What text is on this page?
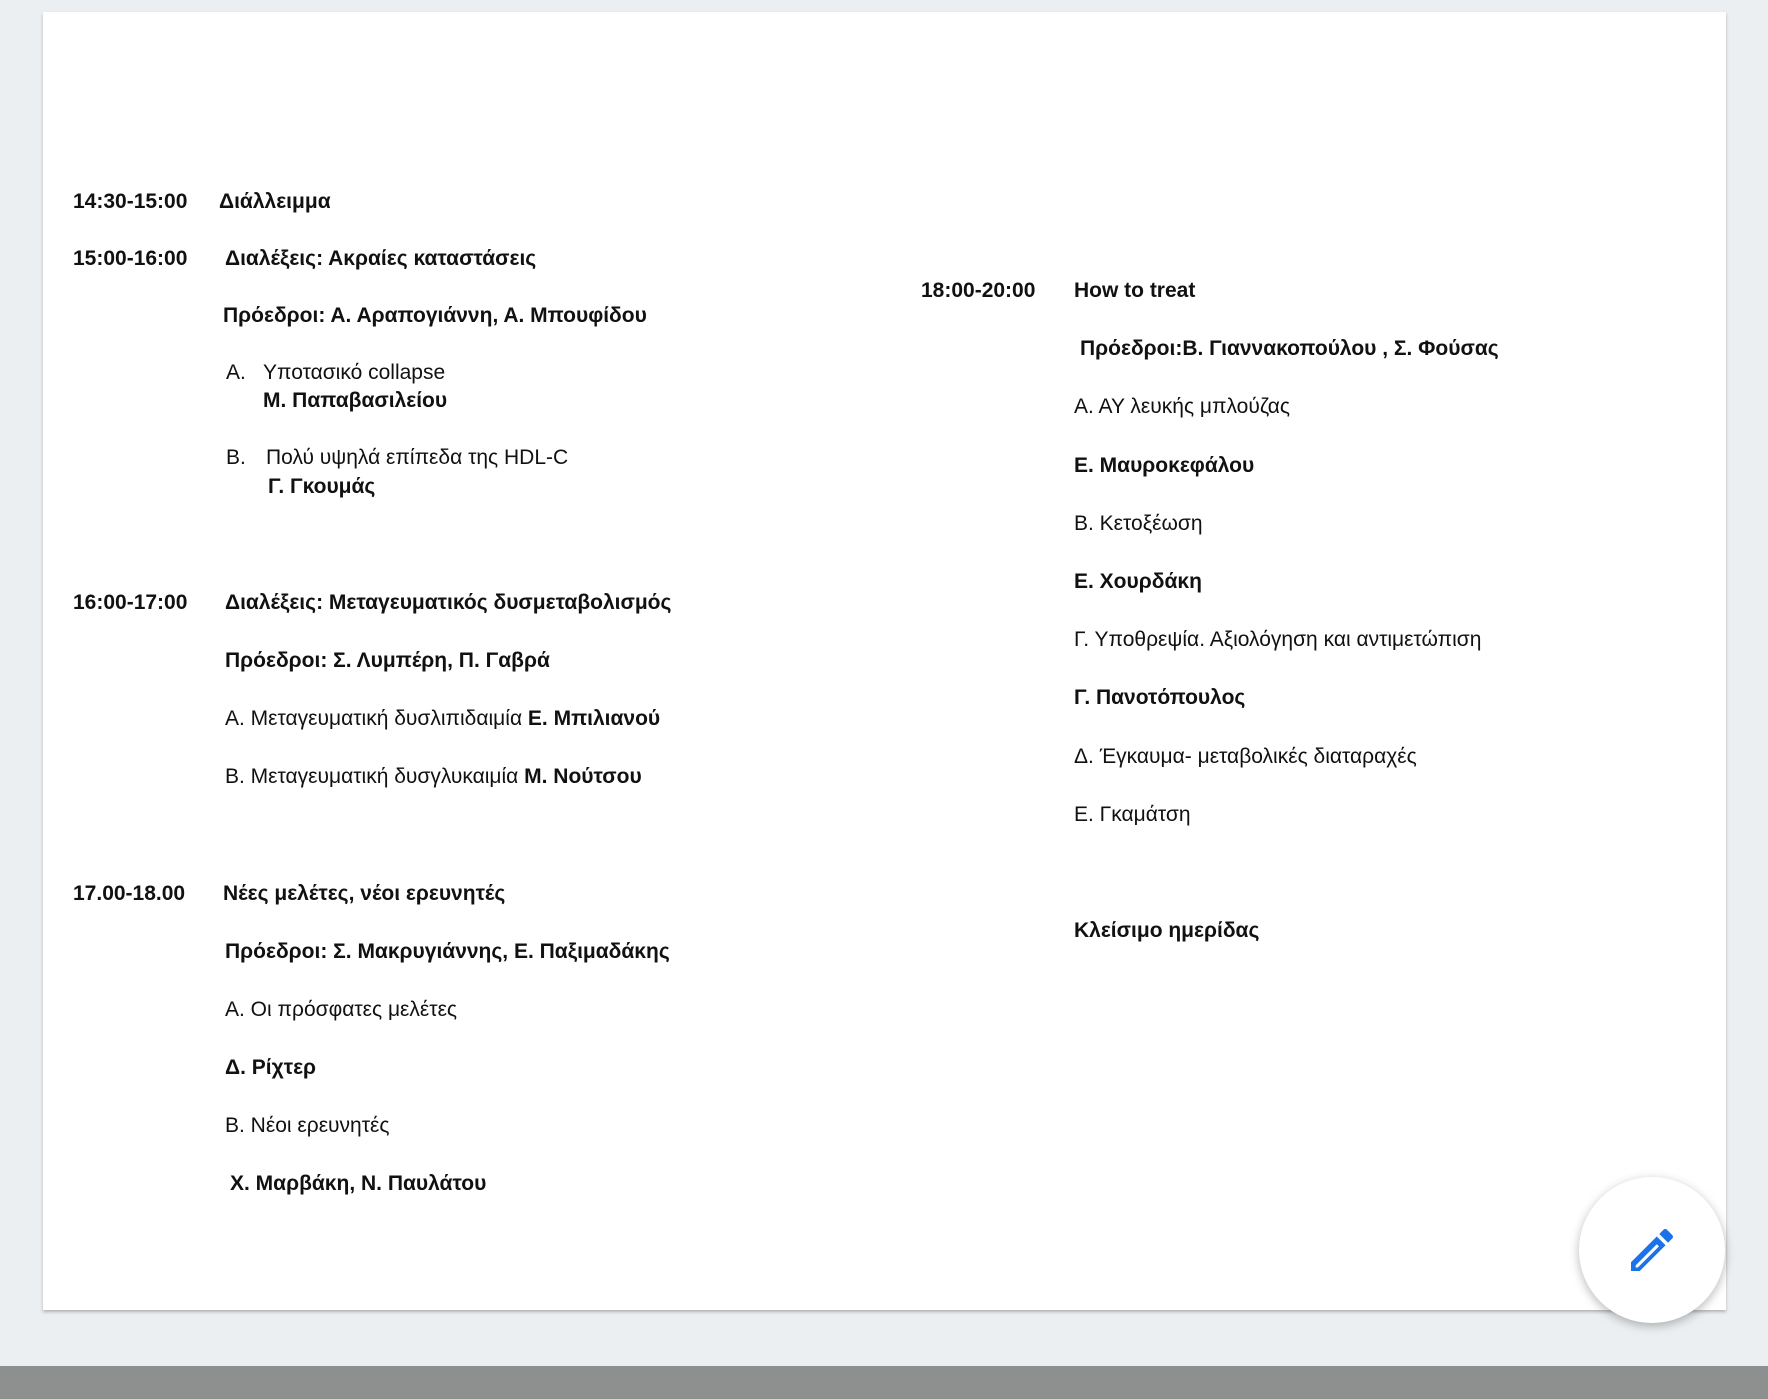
14:30-15:00 Διάλλειμμα
15:00-16:00 Διαλέξεις: Ακραίες καταστάσεις
Πρόεδροι: Α. Αραπογιάννη, Α. Μπουφίδου
Α. Υποτασικό collapse
Μ. Παπαβασιλείου
Β. Πολύ υψηλά επίπεδα της HDL-C
Γ. Γκουμάς
16:00-17:00 Διαλέξεις: Μεταγευματικός δυσμεταβολισμός
Πρόεδροι: Σ. Λυμπέρη, Π. Γαβρά
Α. Μεταγευματική δυσλιπιδαιμία Ε. Μπιλιανού
Β. Μεταγευματική δυσγλυκαιμία Μ. Νούτσου
17.00-18.00 Νέες μελέτες, νέοι ερευνητές
Πρόεδροι: Σ. Μακρυγιάννης, Ε. Παξιμαδάκης
Α. Οι πρόσφατες μελέτες
Δ. Ρίχτερ
Β. Νέοι ερευνητές
Χ. Μαρβάκη, Ν. Παυλάτου
18:00-20:00 How to treat
Πρόεδροι:Β. Γιαννακοπούλου , Σ. Φούσας
Α. ΑΥ λευκής μπλούζας
Ε. Μαυροκεφάλου
Β. Κετοξέωση
Ε. Χουρδάκη
Γ. Υποθρεψία. Αξιολόγηση και αντιμετώπιση
Γ. Πανοτόπουλος
Δ. Έγκαυμα- μεταβολικές διαταραχές
Ε. Γκαμάτση
Κλείσιμο ημερίδας
